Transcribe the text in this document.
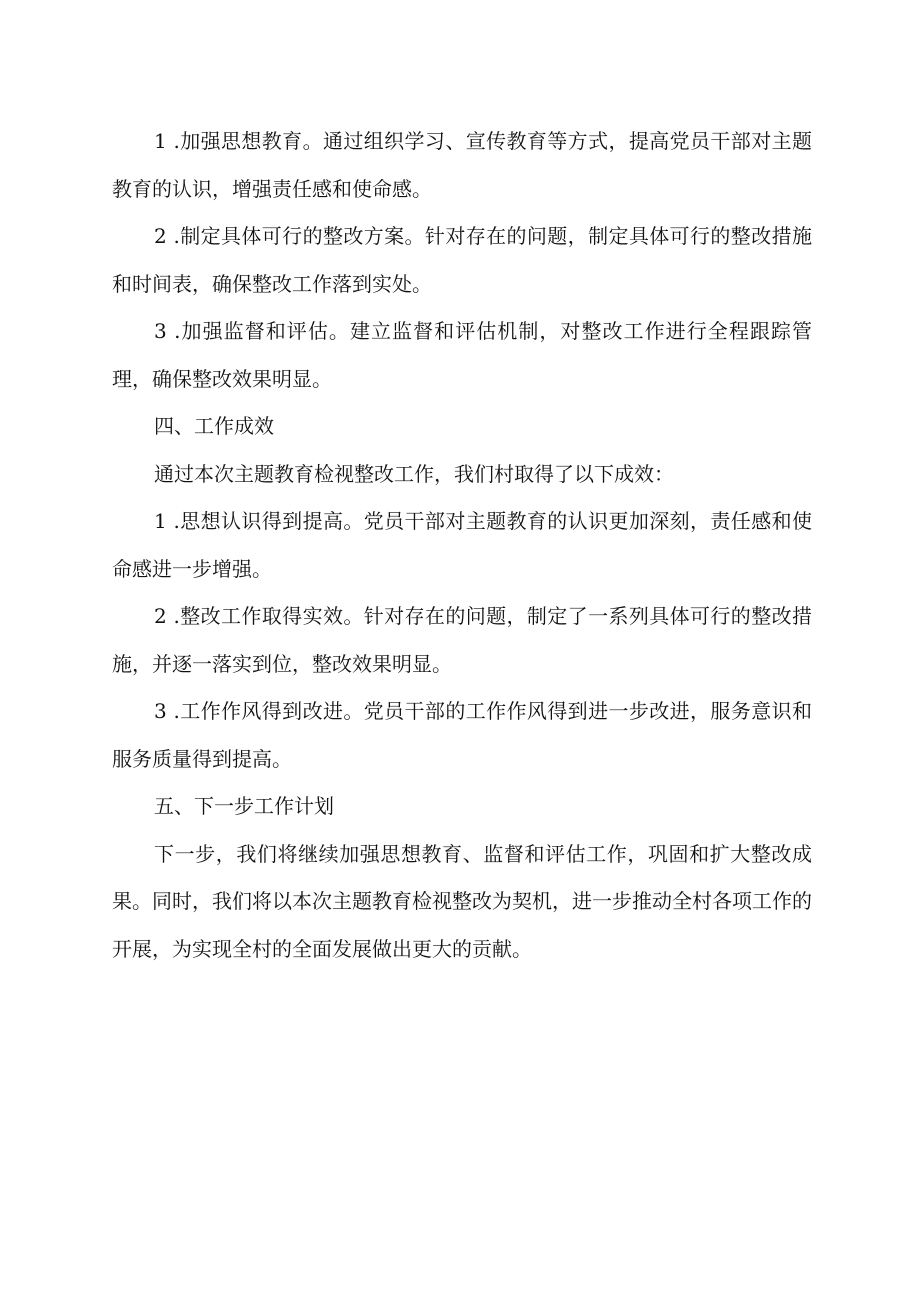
1 .加强思想教育。通过组织学习、宣传教育等方式，提高党员干部对主题教育的认识，增强责任感和使命感。

2 .制定具体可行的整改方案。针对存在的问题，制定具体可行的整改措施和时间表，确保整改工作落到实处。

3 .加强监督和评估。建立监督和评估机制，对整改工作进行全程跟踪管理，确保整改效果明显。

四、工作成效

通过本次主题教育检视整改工作，我们村取得了以下成效：

1 .思想认识得到提高。党员干部对主题教育的认识更加深刻，责任感和使命感进一步增强。

2 .整改工作取得实效。针对存在的问题，制定了一系列具体可行的整改措施，并逐一落实到位，整改效果明显。

3 .工作作风得到改进。党员干部的工作作风得到进一步改进，服务意识和服务质量得到提高。

五、下一步工作计划

下一步，我们将继续加强思想教育、监督和评估工作，巩固和扩大整改成果。同时，我们将以本次主题教育检视整改为契机，进一步推动全村各项工作的开展，为实现全村的全面发展做出更大的贡献。
